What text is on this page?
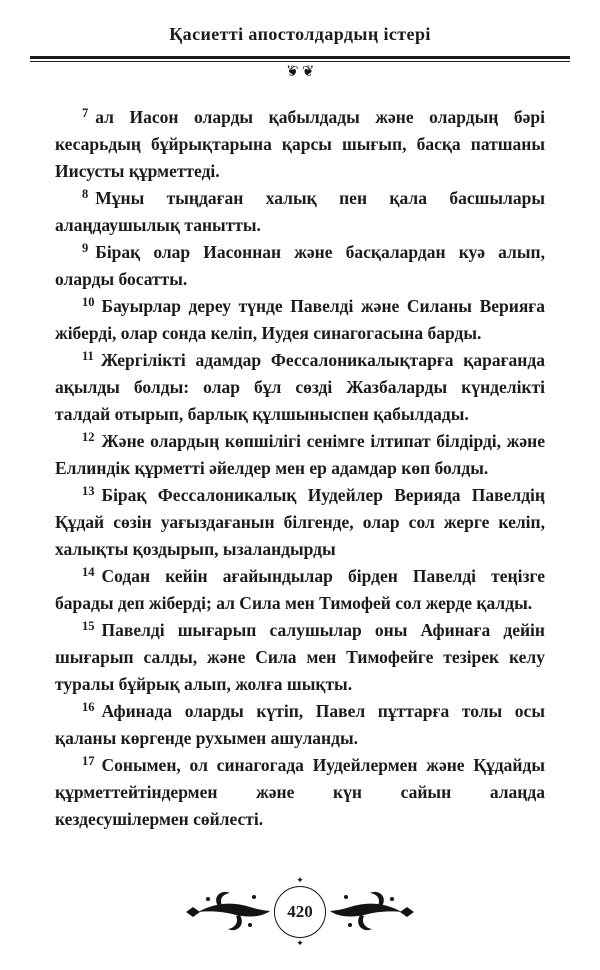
Қасиетті апостолдардың істері
❦ ❦

$^7$ ал Иасон оларды қабылдады және олардың бәрі кесарьдың бұйрықтарына қарсы шығып, басқа патшаны Иисусты құрметтеді.

$^8$ Мұны тыңдаған халық пен қала басшылары алаңдаушылық танытты.

$^9$ Бірақ олар Иасоннан және басқалардан куә алып, оларды босатты.

$^{10}$ Бауырлар дереу түнде Павелді және Силаны Верияға жіберді, олар сонда келіп, Иудея синагогасына барды.

$^{11}$ Жергілікті адамдар Фессалоникалықтарға қарағанда ақылды болды: олар бұл сөзді Жазбаларды күнделікті талдай отырып, барлық құлшыныспен қабылдады.

$^{12}$ Және олардың көпшілігі сенімге ілтипат білдірді, және Еллиндік құрметті әйелдер мен ер адамдар көп болды.

$^{13}$ Бірақ Фессалоникалық Иудейлер Верияда Павелдің Құдай сөзін уағыздағанын білгенде, олар сол жерге келіп, халықты қоздырып, ызаландырды

$^{14}$ Содан кейін ағайындылар бірден Павелді теңізге барады деп жіберді; ал Сила мен Тимофей сол жерде қалды.

$^{15}$ Павелді шығарып салушылар оны Афинаға дейін шығарып салды, және Сила мен Тимофейге тезірек келу туралы бұйрық алып, жолға шықты.

$^{16}$ Афинада оларды күтіп, Павел пұттарға толы осы қаланы көргенде рухымен ашуланды.

$^{17}$ Сонымен, ол синагогада Иудейлермен және Құдайды құрметтейтіндермен және күн сайын алаңда кездесушілермен сөйлесті.

✦
420
✦
